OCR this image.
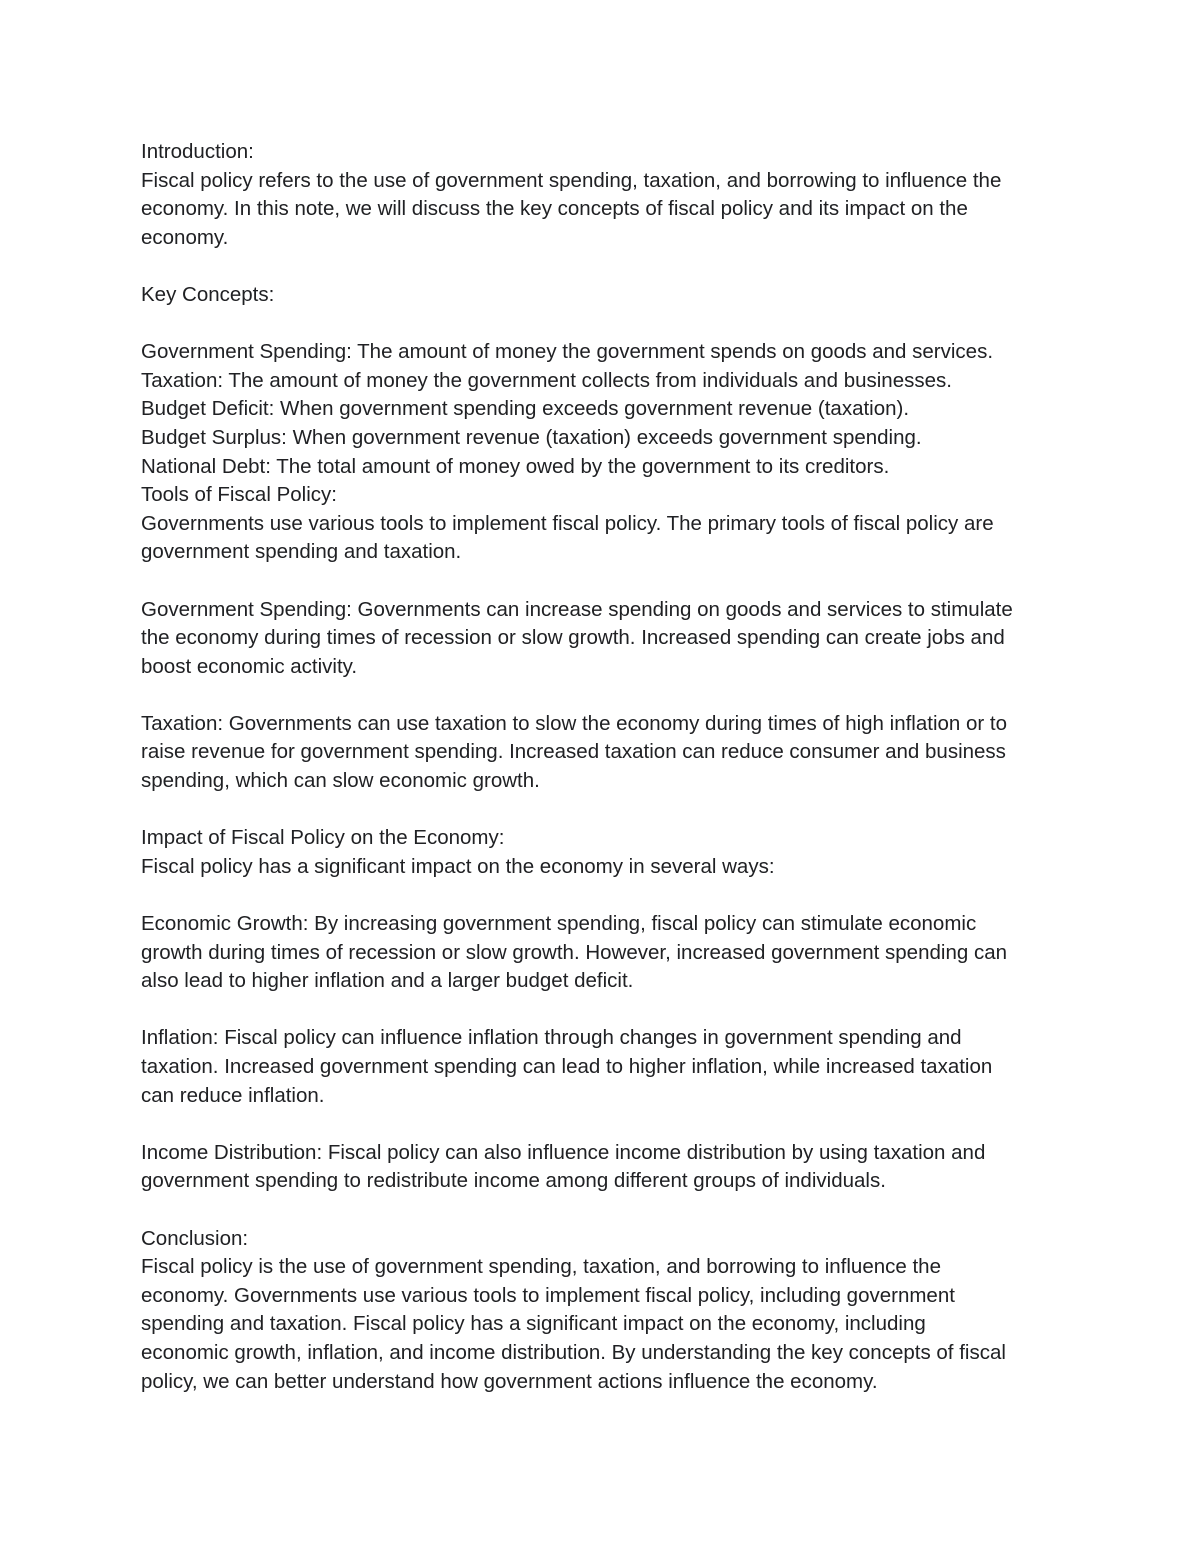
Introduction:
Fiscal policy refers to the use of government spending, taxation, and borrowing to influence the
economy. In this note, we will discuss the key concepts of fiscal policy and its impact on the
economy.
Key Concepts:
Government Spending: The amount of money the government spends on goods and services.
Taxation: The amount of money the government collects from individuals and businesses.
Budget Deficit: When government spending exceeds government revenue (taxation).
Budget Surplus: When government revenue (taxation) exceeds government spending.
National Debt: The total amount of money owed by the government to its creditors.
Tools of Fiscal Policy:
Governments use various tools to implement fiscal policy. The primary tools of fiscal policy are
government spending and taxation.
Government Spending: Governments can increase spending on goods and services to stimulate
the economy during times of recession or slow growth. Increased spending can create jobs and
boost economic activity.
Taxation: Governments can use taxation to slow the economy during times of high inflation or to
raise revenue for government spending. Increased taxation can reduce consumer and business
spending, which can slow economic growth.
Impact of Fiscal Policy on the Economy:
Fiscal policy has a significant impact on the economy in several ways:
Economic Growth: By increasing government spending, fiscal policy can stimulate economic
growth during times of recession or slow growth. However, increased government spending can
also lead to higher inflation and a larger budget deficit.
Inflation: Fiscal policy can influence inflation through changes in government spending and
taxation. Increased government spending can lead to higher inflation, while increased taxation
can reduce inflation.
Income Distribution: Fiscal policy can also influence income distribution by using taxation and
government spending to redistribute income among different groups of individuals.
Conclusion:
Fiscal policy is the use of government spending, taxation, and borrowing to influence the
economy. Governments use various tools to implement fiscal policy, including government
spending and taxation. Fiscal policy has a significant impact on the economy, including
economic growth, inflation, and income distribution. By understanding the key concepts of fiscal
policy, we can better understand how government actions influence the economy.
